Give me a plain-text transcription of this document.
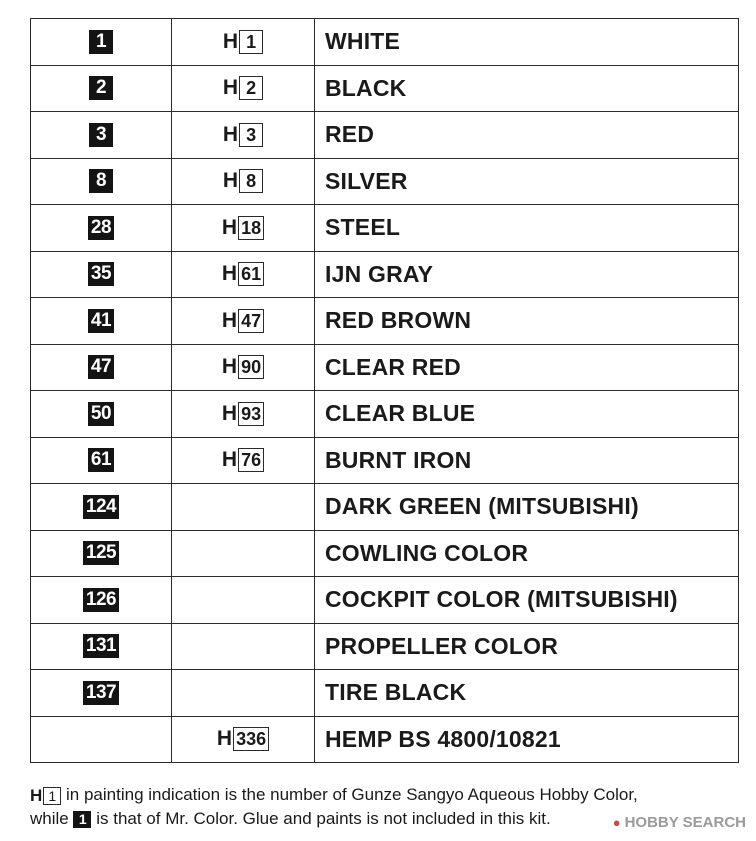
1	H 1	WHITE
2	H 2	BLACK
3	H 3	RED
8	H 8	SILVER
28	H 18	STEEL
35	H 61	IJN GRAY
41	H 47	RED BROWN
47	H 90	CLEAR RED
50	H 93	CLEAR BLUE
61	H 76	BURNT IRON
124		DARK GREEN (MITSUBISHI)
125		COWLING COLOR
126		COCKPIT COLOR (MITSUBISHI)
131		PROPELLER COLOR
137		TIRE BLACK
	H 336	HEMP BS 4800/10821
H 1 in painting indication is the number of Gunze Sangyo Aqueous Hobby Color,
while 1 is that of Mr. Color. Glue and paints is not included in this kit.	● HOBBY SEARCH
